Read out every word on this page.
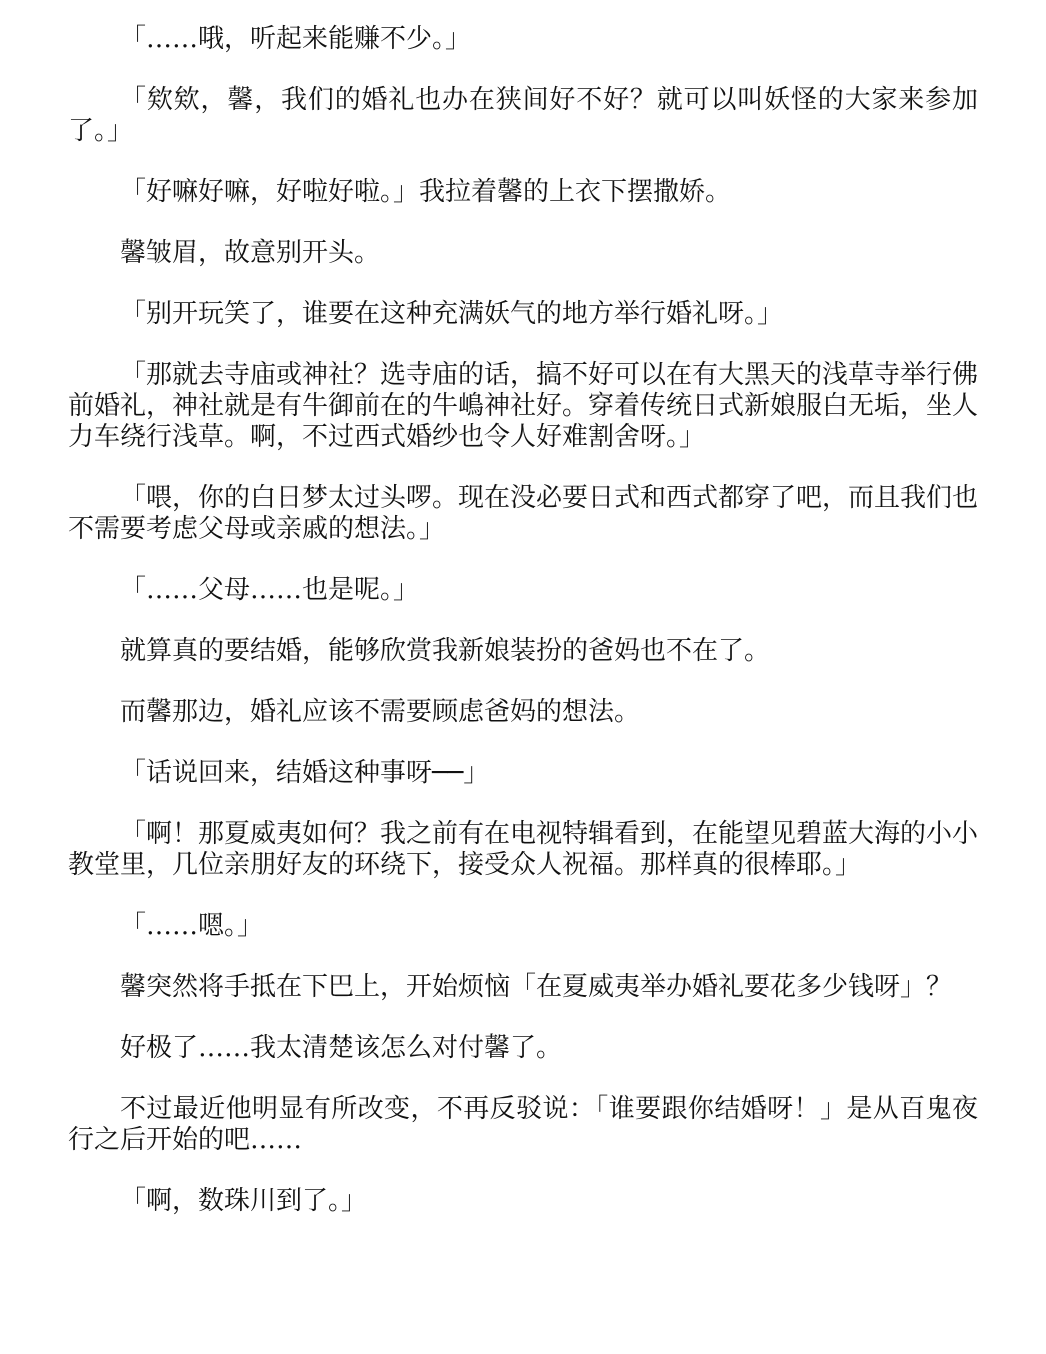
「……哦，听起来能赚不少。」

「欸欸，馨，我们的婚礼也办在狭间好不好？就可以叫妖怪的大家来参加了。」

「好嘛好嘛，好啦好啦。」我拉着馨的上衣下摆撒娇。

馨皱眉，故意别开头。

「别开玩笑了，谁要在这种充满妖气的地方举行婚礼呀。」

「那就去寺庙或神社？选寺庙的话，搞不好可以在有大黑天的浅草寺举行佛前婚礼，神社就是有牛御前在的牛嶋神社好。穿着传统日式新娘服白无垢，坐人力车绕行浅草。啊，不过西式婚纱也令人好难割舍呀。」

「喂，你的白日梦太过头啰。现在没必要日式和西式都穿了吧，而且我们也不需要考虑父母或亲戚的想法。」

「……父母……也是呢。」

就算真的要结婚，能够欣赏我新娘装扮的爸妈也不在了。

而馨那边，婚礼应该不需要顾虑爸妈的想法。

「话说回来，结婚这种事呀──」

「啊！那夏威夷如何？我之前有在电视特辑看到，在能望见碧蓝大海的小小教堂里，几位亲朋好友的环绕下，接受众人祝福。那样真的很棒耶。」

「……嗯。」

馨突然将手抵在下巴上，开始烦恼「在夏威夷举办婚礼要花多少钱呀」？

好极了……我太清楚该怎么对付馨了。

不过最近他明显有所改变，不再反驳说：「谁要跟你结婚呀！」是从百鬼夜行之后开始的吧……

「啊，数珠川到了。」
